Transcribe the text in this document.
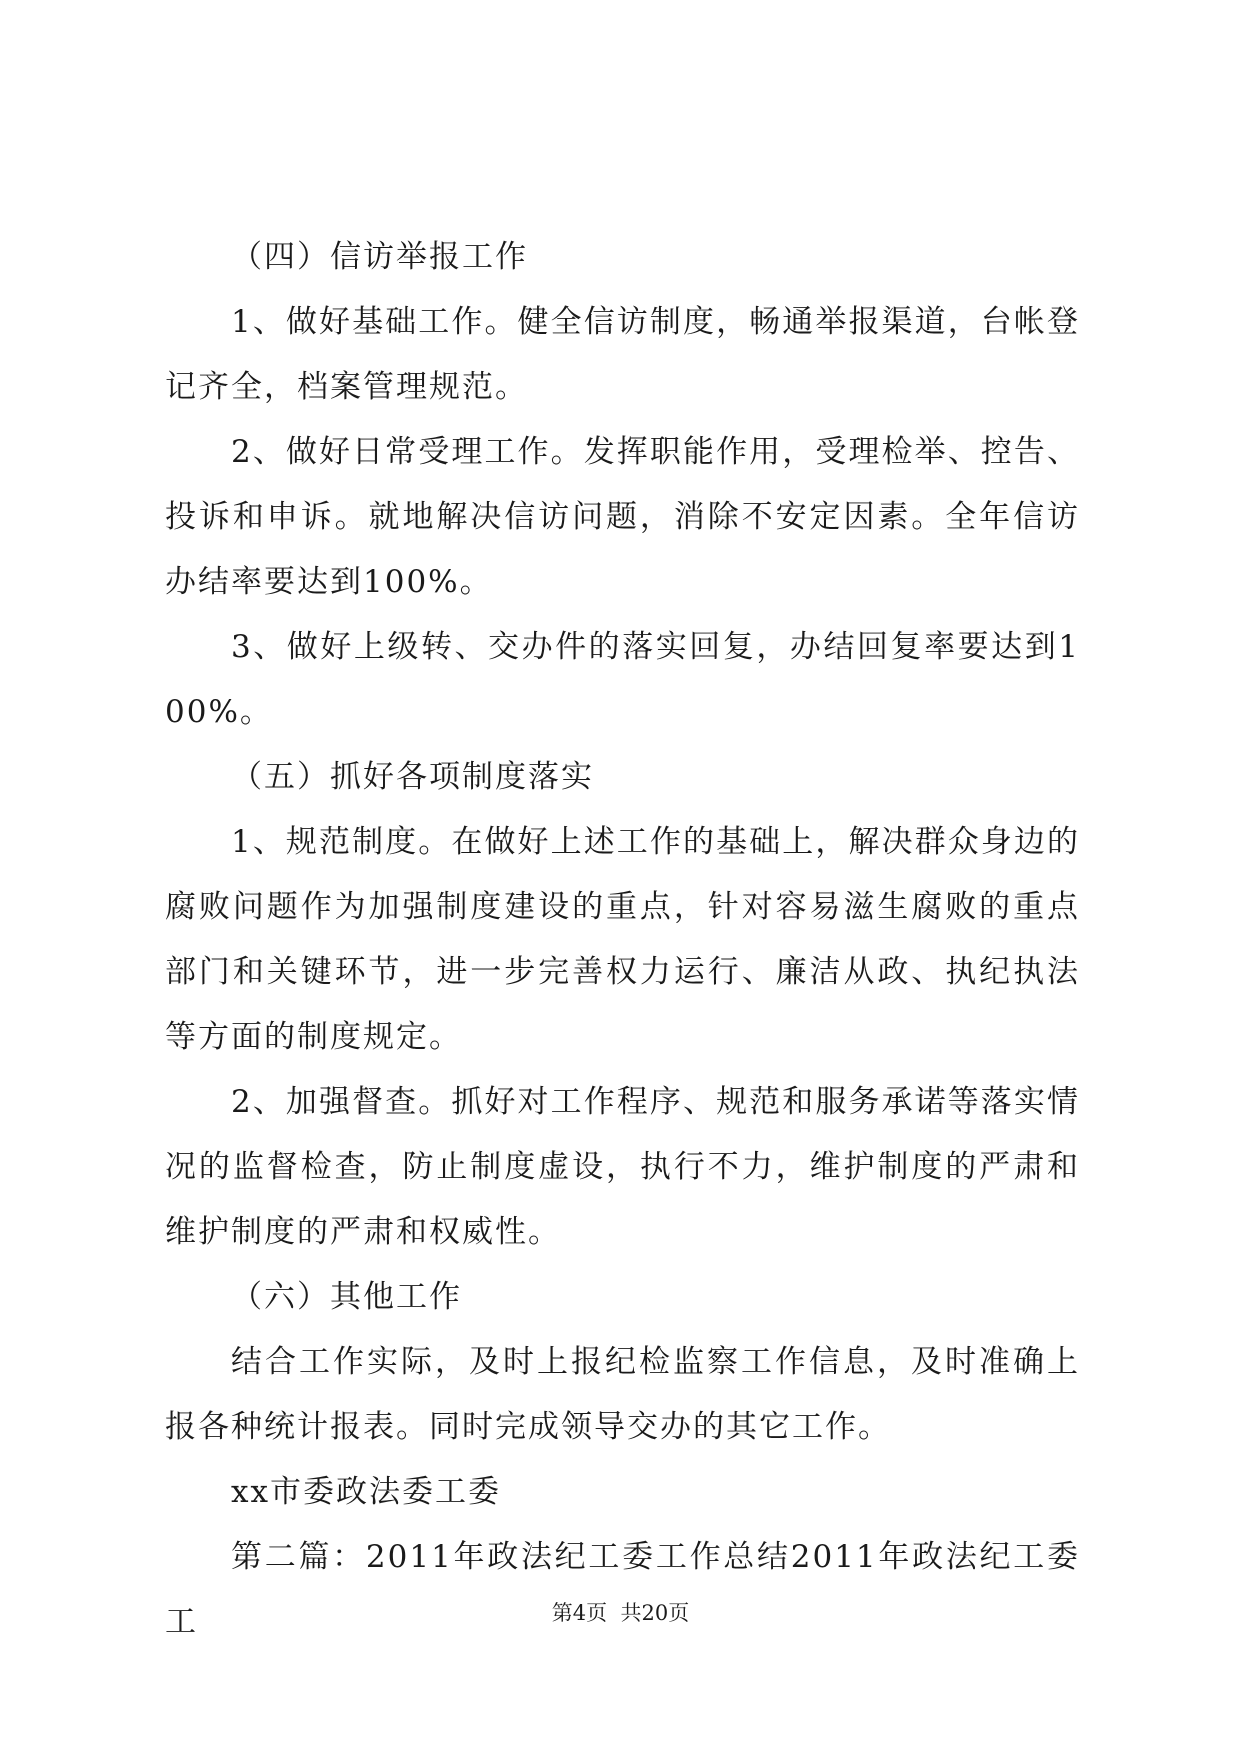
（四）信访举报工作

1、做好基础工作。健全信访制度，畅通举报渠道，台帐登记齐全，档案管理规范。

2、做好日常受理工作。发挥职能作用，受理检举、控告、投诉和申诉。就地解决信访问题，消除不安定因素。全年信访办结率要达到100%。

3、做好上级转、交办件的落实回复，办结回复率要达到100%。

（五）抓好各项制度落实

1、规范制度。在做好上述工作的基础上，解决群众身边的腐败问题作为加强制度建设的重点，针对容易滋生腐败的重点部门和关键环节，进一步完善权力运行、廉洁从政、执纪执法等方面的制度规定。

2、加强督查。抓好对工作程序、规范和服务承诺等落实情况的监督检查，防止制度虚设，执行不力，维护制度的严肃和维护制度的严肃和权威性。

（六）其他工作

结合工作实际，及时上报纪检监察工作信息，及时准确上报各种统计报表。同时完成领导交办的其它工作。

xx市委政法委工委

第二篇：2011年政法纪工委工作总结2011年政法纪工委工	第4页 共20页
